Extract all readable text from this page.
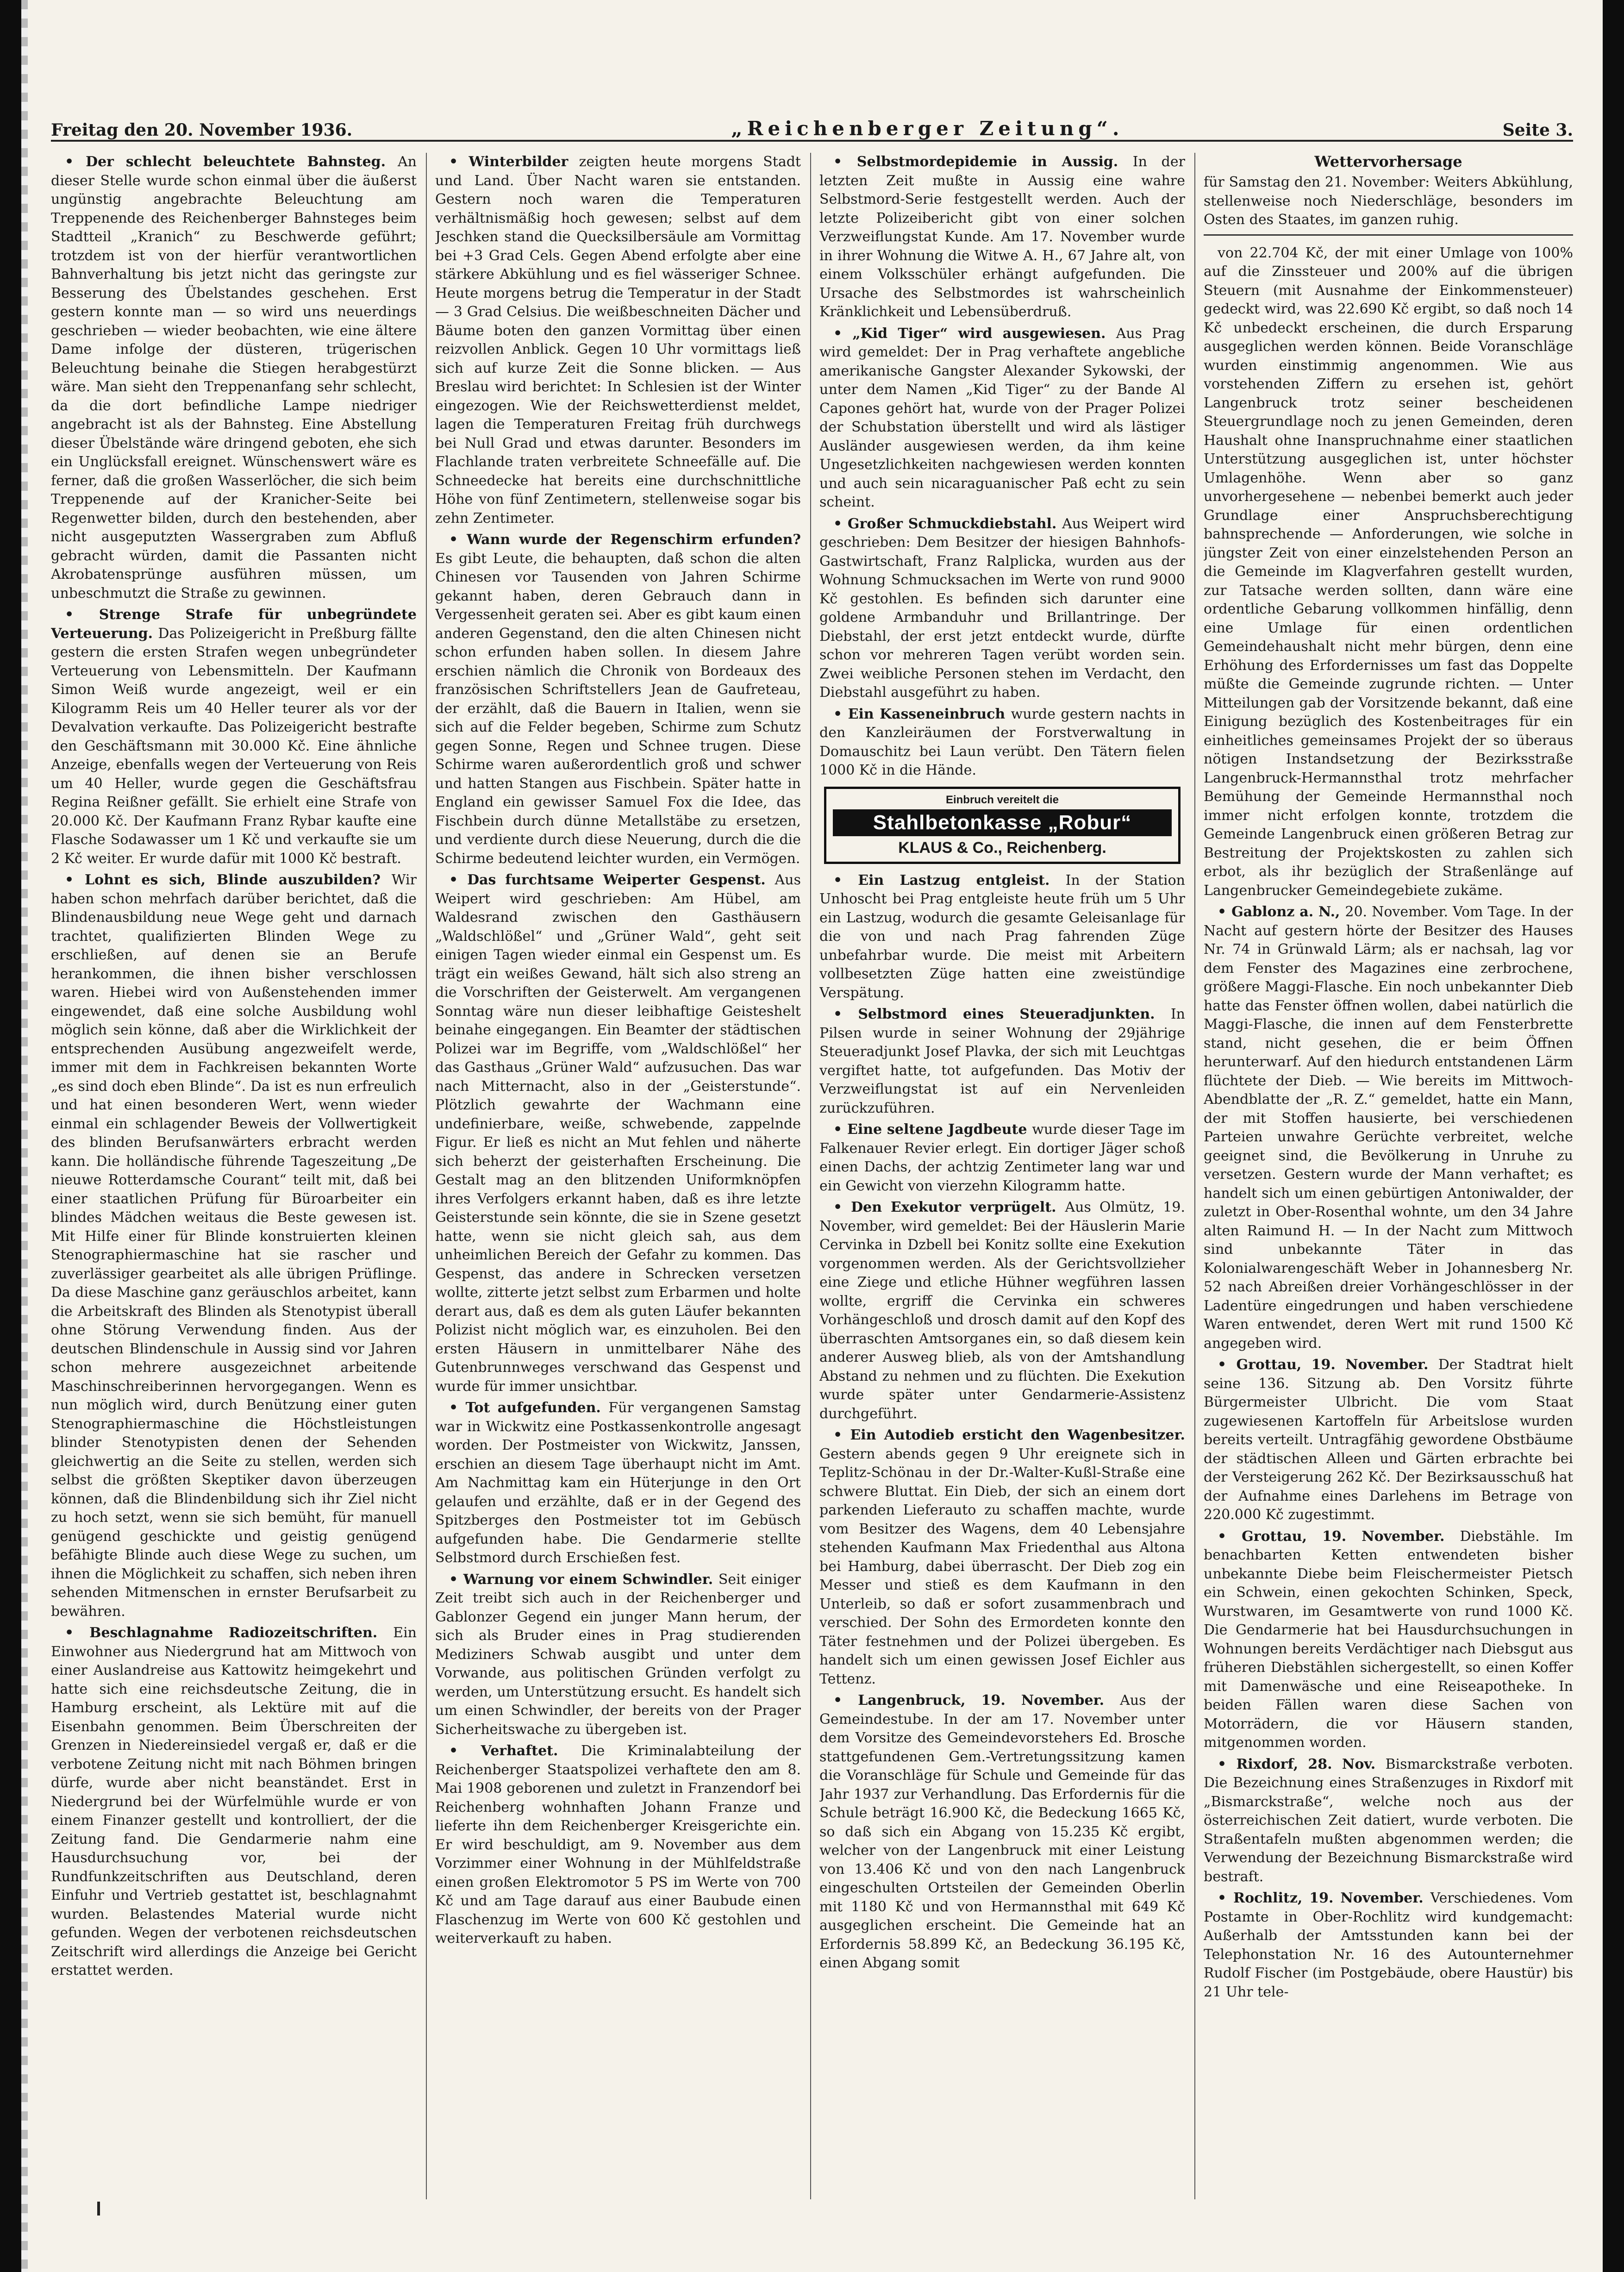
Freitag den 20. November 1936.	„Reichenberger Zeitung“.	Seite 3.

• Der schlecht beleuchtete Bahnsteg. An dieser Stelle wurde schon einmal über die äußerst ungünstig angebrachte Beleuchtung am Treppenende des Reichenberger Bahnsteges beim Stadtteil „Kranich“ zu Beschwerde geführt; trotzdem ist von der hierfür verantwortlichen Bahnverhaltung bis jetzt nicht das geringste zur Besserung des Übelstandes geschehen. Erst gestern konnte man — so wird uns neuerdings geschrieben — wieder beobachten, wie eine ältere Dame infolge der düsteren, trügerischen Beleuchtung beinahe die Stiegen herabgestürzt wäre. Man sieht den Treppenanfang sehr schlecht, da die dort befindliche Lampe niedriger angebracht ist als der Bahnsteg. Eine Abstellung dieser Übelstände wäre dringend geboten, ehe sich ein Unglücksfall ereignet. Wünschenswert wäre es ferner, daß die großen Wasserlöcher, die sich beim Treppenende auf der Kranicher-Seite bei Regenwetter bilden, durch den bestehenden, aber nicht ausgeputzten Wassergraben zum Abfluß gebracht würden, damit die Passanten nicht Akrobatensprünge ausführen müssen, um unbeschmutzt die Straße zu gewinnen.

• Strenge Strafe für unbegründete Verteuerung. Das Polizeigericht in Preßburg fällte gestern die ersten Strafen wegen unbegründeter Verteuerung von Lebensmitteln. Der Kaufmann Simon Weiß wurde angezeigt, weil er ein Kilogramm Reis um 40 Heller teurer als vor der Devalvation verkaufte. Das Polizeigericht bestrafte den Geschäftsmann mit 30.000 Kč. Eine ähnliche Anzeige, ebenfalls wegen der Verteuerung von Reis um 40 Heller, wurde gegen die Geschäftsfrau Regina Reißner gefällt. Sie erhielt eine Strafe von 20.000 Kč. Der Kaufmann Franz Rybar kaufte eine Flasche Sodawasser um 1 Kč und verkaufte sie um 2 Kč weiter. Er wurde dafür mit 1000 Kč bestraft.

• Lohnt es sich, Blinde auszubilden? Wir haben schon mehrfach darüber berichtet, daß die Blindenausbildung neue Wege geht und darnach trachtet, qualifizierten Blinden Wege zu erschließen, auf denen sie an Berufe herankommen, die ihnen bisher verschlossen waren. Hiebei wird von Außenstehenden immer eingewendet, daß eine solche Ausbildung wohl möglich sein könne, daß aber die Wirklichkeit der entsprechenden Ausübung angezweifelt werde, immer mit dem in Fachkreisen bekannten Worte „es sind doch eben Blinde“. Da ist es nun erfreulich und hat einen besonderen Wert, wenn wieder einmal ein schlagender Beweis der Vollwertigkeit des blinden Berufsanwärters erbracht werden kann. Die holländische führende Tageszeitung „De nieuwe Rotterdamsche Courant“ teilt mit, daß bei einer staatlichen Prüfung für Büroarbeiter ein blindes Mädchen weitaus die Beste gewesen ist. Mit Hilfe einer für Blinde konstruierten kleinen Stenographiermaschine hat sie rascher und zuverlässiger gearbeitet als alle übrigen Prüflinge. Da diese Maschine ganz geräuschlos arbeitet, kann die Arbeitskraft des Blinden als Stenotypist überall ohne Störung Verwendung finden. Aus der deutschen Blindenschule in Aussig sind vor Jahren schon mehrere ausgezeichnet arbeitende Maschinschreiberinnen hervorgegangen. Wenn es nun möglich wird, durch Benützung einer guten Stenographiermaschine die Höchstleistungen blinder Stenotypisten denen der Sehenden gleichwertig an die Seite zu stellen, werden sich selbst die größten Skeptiker davon überzeugen können, daß die Blindenbildung sich ihr Ziel nicht zu hoch setzt, wenn sie sich bemüht, für manuell genügend geschickte und geistig genügend befähigte Blinde auch diese Wege zu suchen, um ihnen die Möglichkeit zu schaffen, sich neben ihren sehenden Mitmenschen in ernster Berufsarbeit zu bewähren.

• Beschlagnahme Radiozeitschriften. Ein Einwohner aus Niedergrund hat am Mittwoch von einer Auslandreise aus Kattowitz heimgekehrt und hatte sich eine reichsdeutsche Zeitung, die in Hamburg erscheint, als Lektüre mit auf die Eisenbahn genommen. Beim Überschreiten der Grenzen in Niedereinsiedel vergaß er, daß er die verbotene Zeitung nicht mit nach Böhmen bringen dürfe, wurde aber nicht beanständet. Erst in Niedergrund bei der Würfelmühle wurde er von einem Finanzer gestellt und kontrolliert, der die Zeitung fand. Die Gendarmerie nahm eine Hausdurchsuchung vor, bei der Rundfunkzeitschriften aus Deutschland, deren Einfuhr und Vertrieb gestattet ist, beschlagnahmt wurden. Belastendes Material wurde nicht gefunden. Wegen der verbotenen reichsdeutschen Zeitschrift wird allerdings die Anzeige bei Gericht erstattet werden.

• Winterbilder zeigten heute morgens Stadt und Land. Über Nacht waren sie entstanden. Gestern noch waren die Temperaturen verhältnismäßig hoch gewesen; selbst auf dem Jeschken stand die Quecksilbersäule am Vormittag bei +3 Grad Cels. Gegen Abend erfolgte aber eine stärkere Abkühlung und es fiel wässeriger Schnee. Heute morgens betrug die Temperatur in der Stadt — 3 Grad Celsius. Die weißbeschneiten Dächer und Bäume boten den ganzen Vormittag über einen reizvollen Anblick. Gegen 10 Uhr vormittags ließ sich auf kurze Zeit die Sonne blicken. — Aus Breslau wird berichtet: In Schlesien ist der Winter eingezogen. Wie der Reichswetterdienst meldet, lagen die Temperaturen Freitag früh durchwegs bei Null Grad und etwas darunter. Besonders im Flachlande traten verbreitete Schneefälle auf. Die Schneedecke hat bereits eine durchschnittliche Höhe von fünf Zentimetern, stellenweise sogar bis zehn Zentimeter.

• Wann wurde der Regenschirm erfunden? Es gibt Leute, die behaupten, daß schon die alten Chinesen vor Tausenden von Jahren Schirme gekannt haben, deren Gebrauch dann in Vergessenheit geraten sei. Aber es gibt kaum einen anderen Gegenstand, den die alten Chinesen nicht schon erfunden haben sollen. In diesem Jahre erschien nämlich die Chronik von Bordeaux des französischen Schriftstellers Jean de Gaufreteau, der erzählt, daß die Bauern in Italien, wenn sie sich auf die Felder begeben, Schirme zum Schutz gegen Sonne, Regen und Schnee trugen. Diese Schirme waren außerordentlich groß und schwer und hatten Stangen aus Fischbein. Später hatte in England ein gewisser Samuel Fox die Idee, das Fischbein durch dünne Metallstäbe zu ersetzen, und verdiente durch diese Neuerung, durch die die Schirme bedeutend leichter wurden, ein Vermögen.

• Das furchtsame Weiperter Gespenst. Aus Weipert wird geschrieben: Am Hübel, am Waldesrand zwischen den Gasthäusern „Waldschlößel“ und „Grüner Wald“, geht seit einigen Tagen wieder einmal ein Gespenst um. Es trägt ein weißes Gewand, hält sich also streng an die Vorschriften der Geisterwelt. Am vergangenen Sonntag wäre nun dieser leibhaftige Geisteshelt beinahe eingegangen. Ein Beamter der städtischen Polizei war im Begriffe, vom „Waldschlößel“ her das Gasthaus „Grüner Wald“ aufzusuchen. Das war nach Mitternacht, also in der „Geisterstunde“. Plötzlich gewahrte der Wachmann eine undefinierbare, weiße, schwebende, zappelnde Figur. Er ließ es nicht an Mut fehlen und näherte sich beherzt der geisterhaften Erscheinung. Die Gestalt mag an den blitzenden Uniformknöpfen ihres Verfolgers erkannt haben, daß es ihre letzte Geisterstunde sein könnte, die sie in Szene gesetzt hatte, wenn sie nicht gleich sah, aus dem unheimlichen Bereich der Gefahr zu kommen. Das Gespenst, das andere in Schrecken versetzen wollte, zitterte jetzt selbst zum Erbarmen und holte derart aus, daß es dem als guten Läufer bekannten Polizist nicht möglich war, es einzuholen. Bei den ersten Häusern in unmittelbarer Nähe des Gutenbrunnweges verschwand das Gespenst und wurde für immer unsichtbar.

• Tot aufgefunden. Für vergangenen Samstag war in Wickwitz eine Postkassenkontrolle angesagt worden. Der Postmeister von Wickwitz, Janssen, erschien an diesem Tage überhaupt nicht im Amt. Am Nachmittag kam ein Hüterjunge in den Ort gelaufen und erzählte, daß er in der Gegend des Spitzberges den Postmeister tot im Gebüsch aufgefunden habe. Die Gendarmerie stellte Selbstmord durch Erschießen fest.

• Warnung vor einem Schwindler. Seit einiger Zeit treibt sich auch in der Reichenberger und Gablonzer Gegend ein junger Mann herum, der sich als Bruder eines in Prag studierenden Mediziners Schwab ausgibt und unter dem Vorwande, aus politischen Gründen verfolgt zu werden, um Unterstützung ersucht. Es handelt sich um einen Schwindler, der bereits von der Prager Sicherheitswache zu übergeben ist.

• Verhaftet. Die Kriminalabteilung der Reichenberger Staatspolizei verhaftete den am 8. Mai 1908 geborenen und zuletzt in Franzendorf bei Reichenberg wohnhaften Johann Franze und lieferte ihn dem Reichenberger Kreisgerichte ein. Er wird beschuldigt, am 9. November aus dem Vorzimmer einer Wohnung in der Mühlfeldstraße einen großen Elektromotor 5 PS im Werte von 700 Kč und am Tage darauf aus einer Baubude einen Flaschenzug im Werte von 600 Kč gestohlen und weiterverkauft zu haben.

• Selbstmordepidemie in Aussig. In der letzten Zeit mußte in Aussig eine wahre Selbstmord-Serie festgestellt werden. Auch der letzte Polizeibericht gibt von einer solchen Verzweiflungstat Kunde. Am 17. November wurde in ihrer Wohnung die Witwe A. H., 67 Jahre alt, von einem Volksschüler erhängt aufgefunden. Die Ursache des Selbstmordes ist wahrscheinlich Kränklichkeit und Lebensüberdruß.

• „Kid Tiger“ wird ausgewiesen. Aus Prag wird gemeldet: Der in Prag verhaftete angebliche amerikanische Gangster Alexander Sykowski, der unter dem Namen „Kid Tiger“ zu der Bande Al Capones gehört hat, wurde von der Prager Polizei der Schubstation überstellt und wird als lästiger Ausländer ausgewiesen werden, da ihm keine Ungesetzlichkeiten nachgewiesen werden konnten und auch sein nicaraguanischer Paß echt zu sein scheint.

• Großer Schmuckdiebstahl. Aus Weipert wird geschrieben: Dem Besitzer der hiesigen Bahnhofs-Gastwirtschaft, Franz Ralplicka, wurden aus der Wohnung Schmucksachen im Werte von rund 9000 Kč gestohlen. Es befinden sich darunter eine goldene Armbanduhr und Brillantringe. Der Diebstahl, der erst jetzt entdeckt wurde, dürfte schon vor mehreren Tagen verübt worden sein. Zwei weibliche Personen stehen im Verdacht, den Diebstahl ausgeführt zu haben.

• Ein Kasseneinbruch wurde gestern nachts in den Kanzleiräumen der Forstverwaltung in Domauschitz bei Laun verübt. Den Tätern fielen 1000 Kč in die Hände.

Einbruch vereitelt die
Stahlbetonkasse „Robur“
KLAUS & Co., Reichenberg.

• Ein Lastzug entgleist. In der Station Unhoscht bei Prag entgleiste heute früh um 5 Uhr ein Lastzug, wodurch die gesamte Geleisanlage für die von und nach Prag fahrenden Züge unbefahrbar wurde. Die meist mit Arbeitern vollbesetzten Züge hatten eine zweistündige Verspätung.

• Selbstmord eines Steueradjunkten. In Pilsen wurde in seiner Wohnung der 29jährige Steueradjunkt Josef Plavka, der sich mit Leuchtgas vergiftet hatte, tot aufgefunden. Das Motiv der Verzweiflungstat ist auf ein Nervenleiden zurückzuführen.

• Eine seltene Jagdbeute wurde dieser Tage im Falkenauer Revier erlegt. Ein dortiger Jäger schoß einen Dachs, der achtzig Zentimeter lang war und ein Gewicht von vierzehn Kilogramm hatte.

• Den Exekutor verprügelt. Aus Olmütz, 19. November, wird gemeldet: Bei der Häuslerin Marie Cervinka in Dzbell bei Konitz sollte eine Exekution vorgenommen werden. Als der Gerichtsvollzieher eine Ziege und etliche Hühner wegführen lassen wollte, ergriff die Cervinka ein schweres Vorhängeschloß und drosch damit auf den Kopf des überraschten Amtsorganes ein, so daß diesem kein anderer Ausweg blieb, als von der Amtshandlung Abstand zu nehmen und zu flüchten. Die Exekution wurde später unter Gendarmerie-Assistenz durchgeführt.

• Ein Autodieb ersticht den Wagenbesitzer. Gestern abends gegen 9 Uhr ereignete sich in Teplitz-Schönau in der Dr.-Walter-Kußl-Straße eine schwere Bluttat. Ein Dieb, der sich an einem dort parkenden Lieferauto zu schaffen machte, wurde vom Besitzer des Wagens, dem 40 Lebensjahre stehenden Kaufmann Max Friedenthal aus Altona bei Hamburg, dabei überrascht. Der Dieb zog ein Messer und stieß es dem Kaufmann in den Unterleib, so daß er sofort zusammenbrach und verschied. Der Sohn des Ermordeten konnte den Täter festnehmen und der Polizei übergeben. Es handelt sich um einen gewissen Josef Eichler aus Tettenz.

• Langenbruck, 19. November. Aus der Gemeindestube. In der am 17. November unter dem Vorsitze des Gemeindevorstehers Ed. Brosche stattgefundenen Gem.-Vertretungssitzung kamen die Voranschläge für Schule und Gemeinde für das Jahr 1937 zur Verhandlung. Das Erfordernis für die Schule beträgt 16.900 Kč, die Bedeckung 1665 Kč, so daß sich ein Abgang von 15.235 Kč ergibt, welcher von der Langenbruck mit einer Leistung von 13.406 Kč und von den nach Langenbruck eingeschulten Ortsteilen der Gemeinden Oberlin mit 1180 Kč und von Hermannsthal mit 649 Kč ausgeglichen erscheint. Die Gemeinde hat an Erfordernis 58.899 Kč, an Bedeckung 36.195 Kč, einen Abgang somit

Wettervorhersage

für Samstag den 21. November: Weiters Abkühlung, stellenweise noch Niederschläge, besonders im Osten des Staates, im ganzen ruhig.

von 22.704 Kč, der mit einer Umlage von 100% auf die Zinssteuer und 200% auf die übrigen Steuern (mit Ausnahme der Einkommensteuer) gedeckt wird, was 22.690 Kč ergibt, so daß noch 14 Kč unbedeckt erscheinen, die durch Ersparung ausgeglichen werden können. Beide Voranschläge wurden einstimmig angenommen. Wie aus vorstehenden Ziffern zu ersehen ist, gehört Langenbruck trotz seiner bescheidenen Steuergrundlage noch zu jenen Gemeinden, deren Haushalt ohne Inanspruchnahme einer staatlichen Unterstützung ausgeglichen ist, unter höchster Umlagenhöhe. Wenn aber so ganz unvorhergesehene — nebenbei bemerkt auch jeder Grundlage einer Anspruchsberechtigung bahnsprechende — Anforderungen, wie solche in jüngster Zeit von einer einzelstehenden Person an die Gemeinde im Klagverfahren gestellt wurden, zur Tatsache werden sollten, dann wäre eine ordentliche Gebarung vollkommen hinfällig, denn eine Umlage für einen ordentlichen Gemeindehaushalt nicht mehr bürgen, denn eine Erhöhung des Erfordernisses um fast das Doppelte müßte die Gemeinde zugrunde richten. — Unter Mitteilungen gab der Vorsitzende bekannt, daß eine Einigung bezüglich des Kostenbeitrages für ein einheitliches gemeinsames Projekt der so überaus nötigen Instandsetzung der Bezirksstraße Langenbruck-Hermannsthal trotz mehrfacher Bemühung der Gemeinde Hermannsthal noch immer nicht erfolgen konnte, trotzdem die Gemeinde Langenbruck einen größeren Betrag zur Bestreitung der Projektskosten zu zahlen sich erbot, als ihr bezüglich der Straßenlänge auf Langenbrucker Gemeindegebiete zukäme.

• Gablonz a. N., 20. November. Vom Tage. In der Nacht auf gestern hörte der Besitzer des Hauses Nr. 74 in Grünwald Lärm; als er nachsah, lag vor dem Fenster des Magazines eine zerbrochene, größere Maggi-Flasche. Ein noch unbekannter Dieb hatte das Fenster öffnen wollen, dabei natürlich die Maggi-Flasche, die innen auf dem Fensterbrette stand, nicht gesehen, die er beim Öffnen herunterwarf. Auf den hiedurch entstandenen Lärm flüchtete der Dieb. — Wie bereits im Mittwoch-Abendblatte der „R. Z.“ gemeldet, hatte ein Mann, der mit Stoffen hausierte, bei verschiedenen Parteien unwahre Gerüchte verbreitet, welche geeignet sind, die Bevölkerung in Unruhe zu versetzen. Gestern wurde der Mann verhaftet; es handelt sich um einen gebürtigen Antoniwalder, der zuletzt in Ober-Rosenthal wohnte, um den 34 Jahre alten Raimund H. — In der Nacht zum Mittwoch sind unbekannte Täter in das Kolonialwarengeschäft Weber in Johannesberg Nr. 52 nach Abreißen dreier Vorhängeschlösser in der Ladentüre eingedrungen und haben verschiedene Waren entwendet, deren Wert mit rund 1500 Kč angegeben wird.

• Grottau, 19. November. Der Stadtrat hielt seine 136. Sitzung ab. Den Vorsitz führte Bürgermeister Ulbricht. Die vom Staat zugewiesenen Kartoffeln für Arbeitslose wurden bereits verteilt. Untragfähig gewordene Obstbäume der städtischen Alleen und Gärten erbrachte bei der Versteigerung 262 Kč. Der Bezirksausschuß hat der Aufnahme eines Darlehens im Betrage von 220.000 Kč zugestimmt.

• Grottau, 19. November. Diebstähle. Im benachbarten Ketten entwendeten bisher unbekannte Diebe beim Fleischermeister Pietsch ein Schwein, einen gekochten Schinken, Speck, Wurstwaren, im Gesamtwerte von rund 1000 Kč. Die Gendarmerie hat bei Hausdurchsuchungen in Wohnungen bereits Verdächtiger nach Diebsgut aus früheren Diebstählen sichergestellt, so einen Koffer mit Damenwäsche und eine Reiseapotheke. In beiden Fällen waren diese Sachen von Motorrädern, die vor Häusern standen, mitgenommen worden.

• Rixdorf, 28. Nov. Bismarckstraße verboten. Die Bezeichnung eines Straßenzuges in Rixdorf mit „Bismarckstraße“, welche noch aus der österreichischen Zeit datiert, wurde verboten. Die Straßentafeln mußten abgenommen werden; die Verwendung der Bezeichnung Bismarckstraße wird bestraft.

• Rochlitz, 19. November. Verschiedenes. Vom Postamte in Ober-Rochlitz wird kundgemacht: Außerhalb der Amtsstunden kann bei der Telephonstation Nr. 16 des Autounternehmer Rudolf Fischer (im Postgebäude, obere Haustür) bis 21 Uhr tele-
